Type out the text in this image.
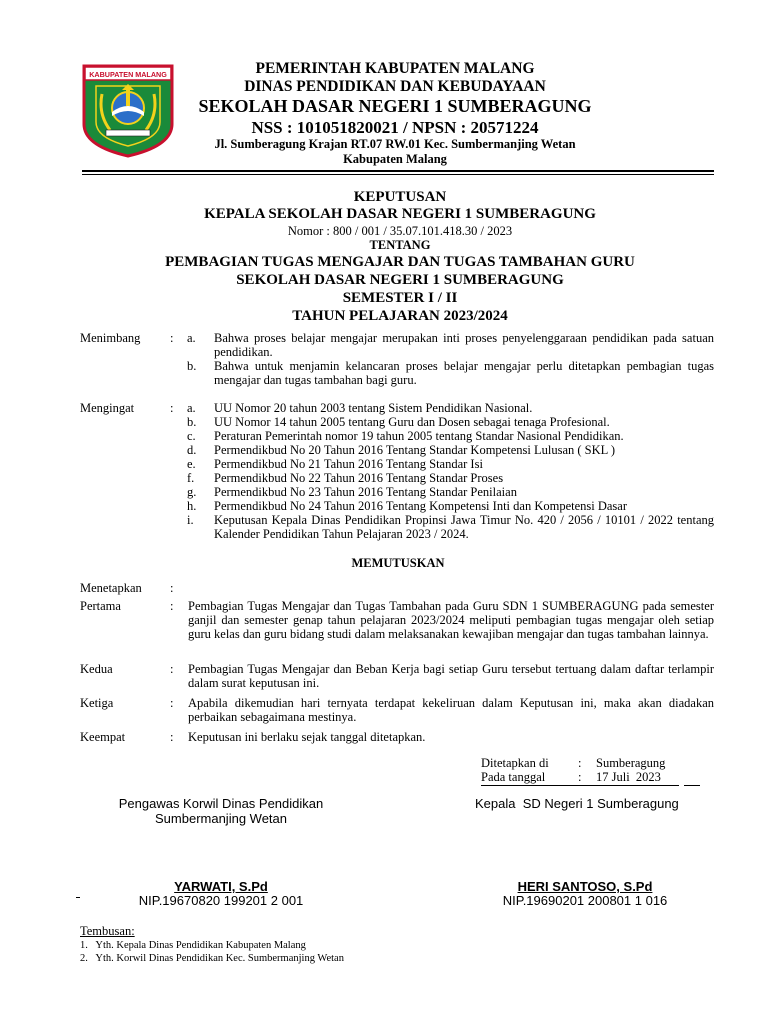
KABUPATEN MALANG	PEMERINTAH KABUPATEN MALANG
DINAS PENDIDIKAN DAN KEBUDAYAAN
SEKOLAH DASAR NEGERI 1 SUMBERAGUNG
NSS : 101051820021 / NPSN : 20571224
Jl. Sumberagung Krajan RT.07 RW.01 Kec. Sumbermanjing Wetan
Kabupaten Malang
KEPUTUSAN
KEPALA SEKOLAH DASAR NEGERI 1 SUMBERAGUNG
Nomor : 800 / 001 / 35.07.101.418.30 / 2023
TENTANG
PEMBAGIAN TUGAS MENGAJAR DAN TUGAS TAMBAHAN GURU
SEKOLAH DASAR NEGERI 1 SUMBERAGUNG
SEMESTER I / II
TAHUN PELAJARAN 2023/2024
Menimbang : a. Bahwa proses belajar mengajar merupakan inti proses penyelenggaraan pendidikan pada satuan pendidikan.
b. Bahwa untuk menjamin kelancaran proses belajar mengajar perlu ditetapkan pembagian tugas mengajar dan tugas tambahan bagi guru.
Mengingat	: a. UU Nomor 20 tahun 2003 tentang Sistem Pendidikan Nasional.
b. UU Nomor 14 tahun 2005 tentang Guru dan Dosen sebagai tenaga Profesional.
c. Peraturan Pemerintah nomor 19 tahun 2005 tentang Standar Nasional Pendidikan.
d. Permendikbud No 20 Tahun 2016 Tentang Standar Kompetensi Lulusan ( SKL )
e. Permendikbud No 21 Tahun 2016 Tentang Standar Isi
f. Permendikbud No 22 Tahun 2016 Tentang Standar Proses
g. Permendikbud No 23 Tahun 2016 Tentang Standar Penilaian
h. Permendikbud No 24 Tahun 2016 Tentang Kompetensi Inti dan Kompetensi Dasar
i. Keputusan Kepala Dinas Pendidikan Propinsi Jawa Timur No. 420 / 2056 / 10101 / 2022 tentang Kalender Pendidikan Tahun Pelajaran 2023 / 2024.
MEMUTUSKAN
Menetapkan :
Pertama	: Pembagian Tugas Mengajar dan Tugas Tambahan pada Guru SDN 1 SUMBERAGUNG pada semester ganjil dan semester genap tahun pelajaran 2023/2024 meliputi pembagian tugas mengajar oleh setiap guru kelas dan guru bidang studi dalam melaksanakan kewajiban mengajar dan tugas tambahan lainnya.
Kedua	: Pembagian Tugas Mengajar dan Beban Kerja bagi setiap Guru tersebut tertuang dalam daftar terlampir dalam surat keputusan ini.
Ketiga	: Apabila dikemudian hari ternyata terdapat kekeliruan dalam Keputusan ini, maka akan diadakan perbaikan sebagaimana mestinya.
Keempat	: Keputusan ini berlaku sejak tanggal ditetapkan.
Ditetapkan di : Sumberagung
Pada tanggal	: 17 Juli  2023
Pengawas Korwil Dinas Pendidikan
Sumbermanjing Wetan
Kepala  SD Negeri 1 Sumberagung
YARWATI, S.Pd
NIP.19670820 199201 2 001
HERI SANTOSO, S.Pd
NIP.19690201 200801 1 016
Tembusan:
1.   Yth. Kepala Dinas Pendidikan Kabupaten Malang
2.   Yth. Korwil Dinas Pendidikan Kec. Sumbermanjing Wetan
